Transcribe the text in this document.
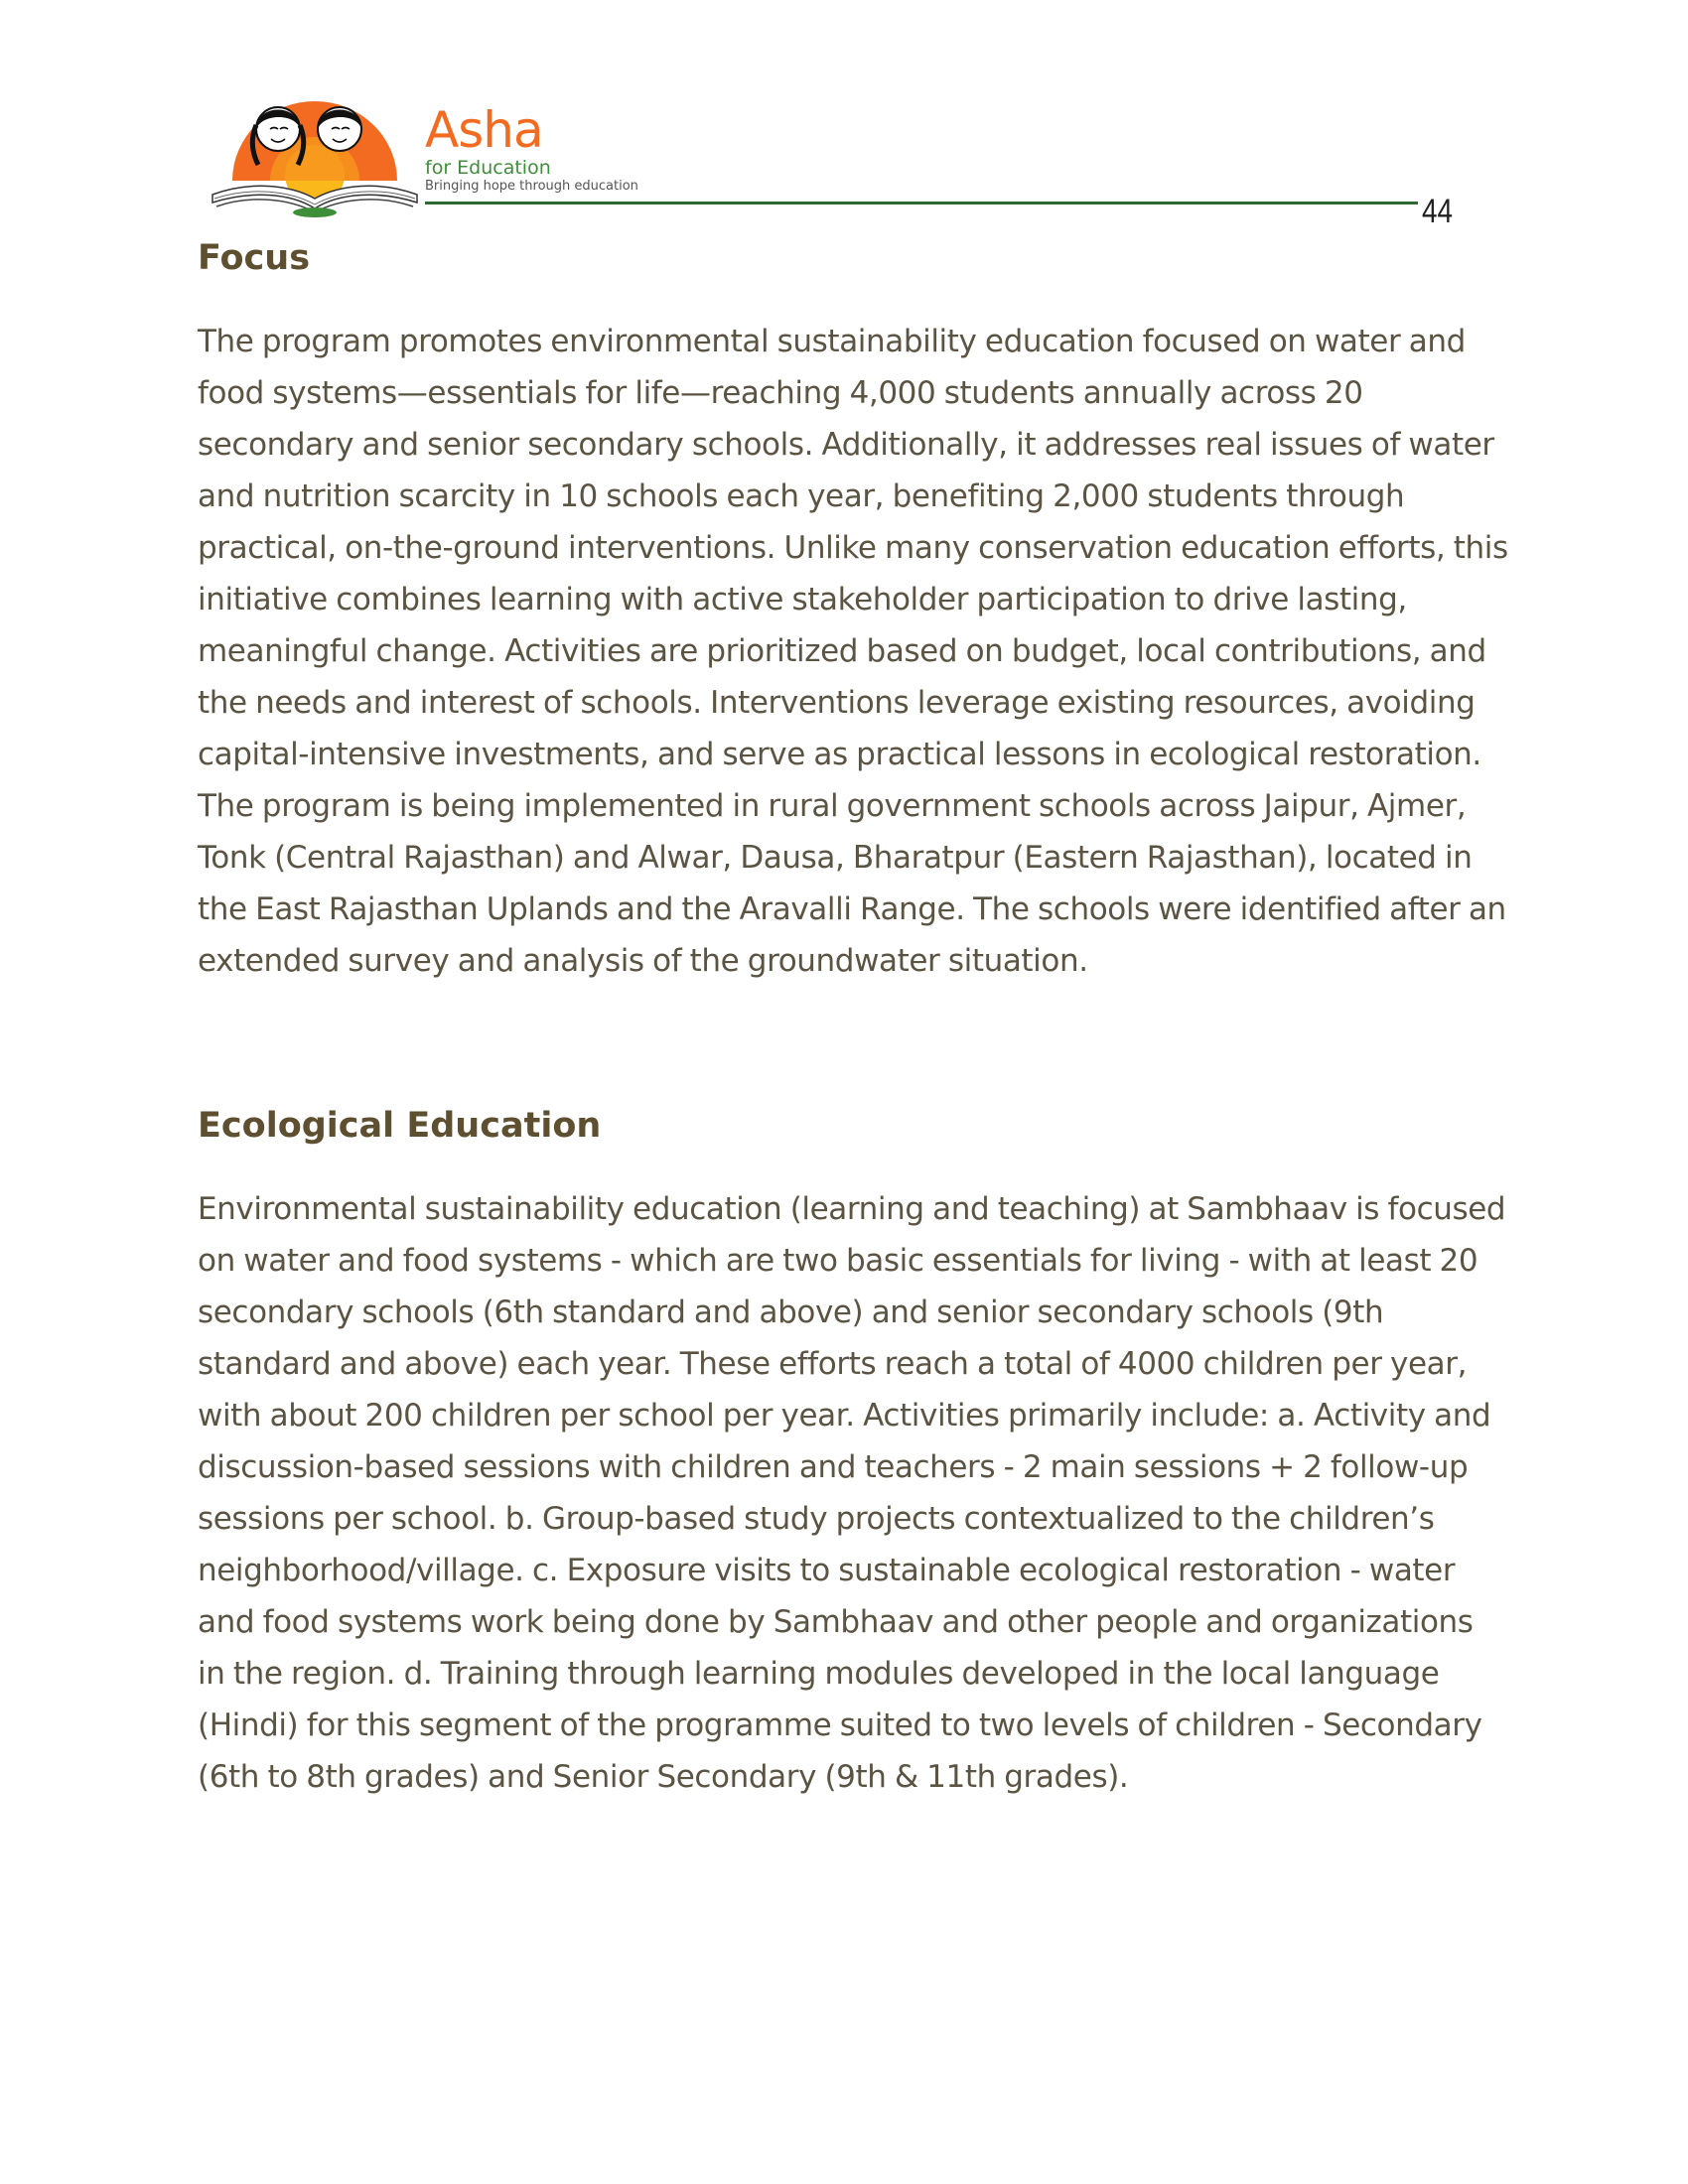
Asha
for Education
Bringing hope through education
44
Focus

The program promotes environmental sustainability education focused on water and food systems—essentials for life—reaching 4,000 students annually across 20 secondary and senior secondary schools. Additionally, it addresses real issues of water and nutrition scarcity in 10 schools each year, benefiting 2,000 students through practical, on-the-ground interventions. Unlike many conservation education efforts, this initiative combines learning with active stakeholder participation to drive lasting, meaningful change. Activities are prioritized based on budget, local contributions, and the needs and interest of schools. Interventions leverage existing resources, avoiding capital-intensive investments, and serve as practical lessons in ecological restoration. The program is being implemented in rural government schools across Jaipur, Ajmer, Tonk (Central Rajasthan) and Alwar, Dausa, Bharatpur (Eastern Rajasthan), located in the East Rajasthan Uplands and the Aravalli Range. The schools were identified after an extended survey and analysis of the groundwater situation.

Ecological Education

Environmental sustainability education (learning and teaching) at Sambhaav is focused on water and food systems - which are two basic essentials for living - with at least 20 secondary schools (6th standard and above) and senior secondary schools (9th standard and above) each year. These efforts reach a total of 4000 children per year, with about 200 children per school per year. Activities primarily include: a. Activity and discussion-based sessions with children and teachers - 2 main sessions + 2 follow-up sessions per school. b. Group-based study projects contextualized to the children’s neighborhood/village. c. Exposure visits to sustainable ecological restoration - water and food systems work being done by Sambhaav and other people and organizations in the region. d. Training through learning modules developed in the local language (Hindi) for this segment of the programme suited to two levels of children - Secondary (6th to 8th grades) and Senior Secondary (9th & 11th grades).
